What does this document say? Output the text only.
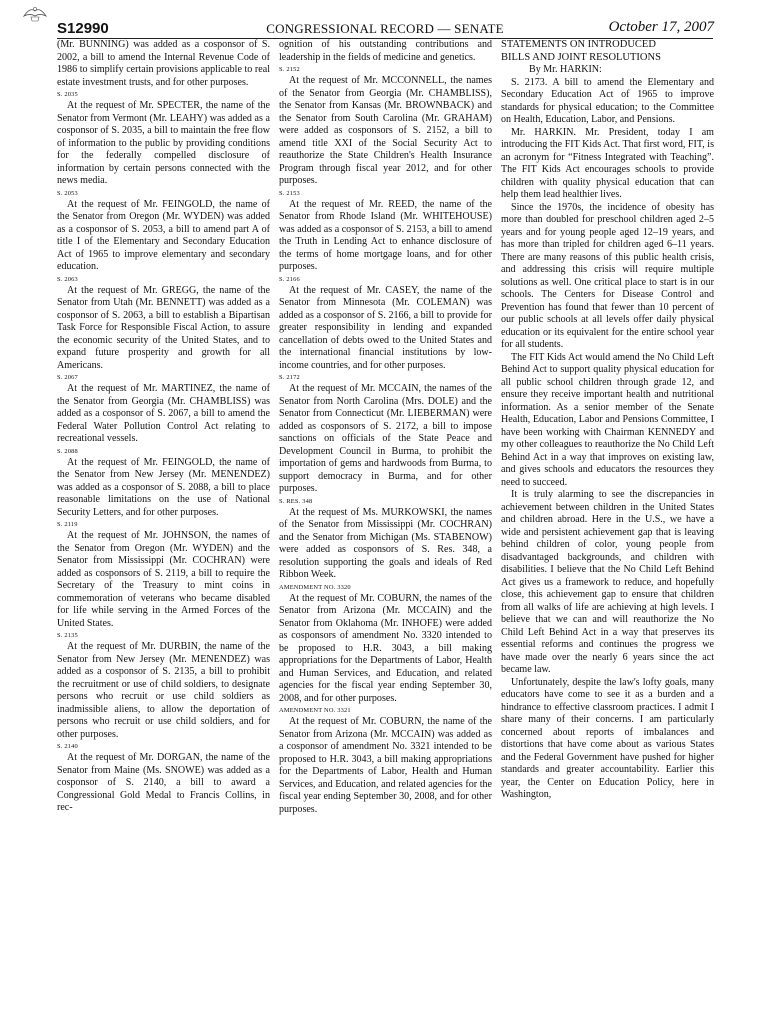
S12990	CONGRESSIONAL RECORD — SENATE	October 17, 2007

(Mr. BUNNING) was added as a cosponsor of S. 2002, a bill to amend the Internal Revenue Code of 1986 to simplify certain provisions applicable to real estate investment trusts, and for other purposes.

S. 2035

At the request of Mr. SPECTER, the name of the Senator from Vermont (Mr. LEAHY) was added as a cosponsor of S. 2035, a bill to maintain the free flow of information to the public by providing conditions for the federally compelled disclosure of information by certain persons connected with the news media.

S. 2053

At the request of Mr. FEINGOLD, the name of the Senator from Oregon (Mr. WYDEN) was added as a cosponsor of S. 2053, a bill to amend part A of title I of the Elementary and Secondary Education Act of 1965 to improve elementary and secondary education.

S. 2063

At the request of Mr. GREGG, the name of the Senator from Utah (Mr. BENNETT) was added as a cosponsor of S. 2063, a bill to establish a Bipartisan Task Force for Responsible Fiscal Action, to assure the economic security of the United States, and to expand future prosperity and growth for all Americans.

S. 2067

At the request of Mr. MARTINEZ, the name of the Senator from Georgia (Mr. CHAMBLISS) was added as a cosponsor of S. 2067, a bill to amend the Federal Water Pollution Control Act relating to recreational vessels.

S. 2088

At the request of Mr. FEINGOLD, the name of the Senator from New Jersey (Mr. MENENDEZ) was added as a cosponsor of S. 2088, a bill to place reasonable limitations on the use of National Security Letters, and for other purposes.

S. 2119

At the request of Mr. JOHNSON, the names of the Senator from Oregon (Mr. WYDEN) and the Senator from Mississippi (Mr. COCHRAN) were added as cosponsors of S. 2119, a bill to require the Secretary of the Treasury to mint coins in commemoration of veterans who became disabled for life while serving in the Armed Forces of the United States.

S. 2135

At the request of Mr. DURBIN, the name of the Senator from New Jersey (Mr. MENENDEZ) was added as a cosponsor of S. 2135, a bill to prohibit the recruitment or use of child soldiers, to designate persons who recruit or use child soldiers as inadmissible aliens, to allow the deportation of persons who recruit or use child soldiers, and for other purposes.

S. 2140

At the request of Mr. DORGAN, the name of the Senator from Maine (Ms. SNOWE) was added as a cosponsor of S. 2140, a bill to award a Congressional Gold Medal to Francis Collins, in rec-

ognition of his outstanding contributions and leadership in the fields of medicine and genetics.

S. 2152

At the request of Mr. MCCONNELL, the names of the Senator from Georgia (Mr. CHAMBLISS), the Senator from Kansas (Mr. BROWNBACK) and the Senator from South Carolina (Mr. GRAHAM) were added as cosponsors of S. 2152, a bill to amend title XXI of the Social Security Act to reauthorize the State Children's Health Insurance Program through fiscal year 2012, and for other purposes.

S. 2153

At the request of Mr. REED, the name of the Senator from Rhode Island (Mr. WHITEHOUSE) was added as a cosponsor of S. 2153, a bill to amend the Truth in Lending Act to enhance disclosure of the terms of home mortgage loans, and for other purposes.

S. 2166

At the request of Mr. CASEY, the name of the Senator from Minnesota (Mr. COLEMAN) was added as a cosponsor of S. 2166, a bill to provide for greater responsibility in lending and expanded cancellation of debts owed to the United States and the international financial institutions by low-income countries, and for other purposes.

S. 2172

At the request of Mr. MCCAIN, the names of the Senator from North Carolina (Mrs. DOLE) and the Senator from Connecticut (Mr. LIEBERMAN) were added as cosponsors of S. 2172, a bill to impose sanctions on officials of the State Peace and Development Council in Burma, to prohibit the importation of gems and hardwoods from Burma, to support democracy in Burma, and for other purposes.

S. RES. 348

At the request of Ms. MURKOWSKI, the names of the Senator from Mississippi (Mr. COCHRAN) and the Senator from Michigan (Ms. STABENOW) were added as cosponsors of S. Res. 348, a resolution supporting the goals and ideals of Red Ribbon Week.

AMENDMENT NO. 3320

At the request of Mr. COBURN, the names of the Senator from Arizona (Mr. MCCAIN) and the Senator from Oklahoma (Mr. INHOFE) were added as cosponsors of amendment No. 3320 intended to be proposed to H.R. 3043, a bill making appropriations for the Departments of Labor, Health and Human Services, and Education, and related agencies for the fiscal year ending September 30, 2008, and for other purposes.

AMENDMENT NO. 3321

At the request of Mr. COBURN, the name of the Senator from Arizona (Mr. MCCAIN) was added as a cosponsor of amendment No. 3321 intended to be proposed to H.R. 3043, a bill making appropriations for the Departments of Labor, Health and Human Services, and Education, and related agencies for the fiscal year ending September 30, 2008, and for other purposes.

STATEMENTS ON INTRODUCED

BILLS AND JOINT RESOLUTIONS

By Mr. HARKIN:

S. 2173. A bill to amend the Elementary and Secondary Education Act of 1965 to improve standards for physical education; to the Committee on Health, Education, Labor, and Pensions.

Mr. HARKIN. Mr. President, today I am introducing the FIT Kids Act. That first word, FIT, is an acronym for “Fitness Integrated with Teaching”. The FIT Kids Act encourages schools to provide children with quality physical education that can help them lead healthier lives.

Since the 1970s, the incidence of obesity has more than doubled for preschool children aged 2–5 years and for young people aged 12–19 years, and has more than tripled for children aged 6–11 years. There are many reasons of this public health crisis, and addressing this crisis will require multiple solutions as well. One critical place to start is in our schools. The Centers for Disease Control and Prevention has found that fewer than 10 percent of our public schools at all levels offer daily physical education or its equivalent for the entire school year for all students.

The FIT Kids Act would amend the No Child Left Behind Act to support quality physical education for all public school children through grade 12, and ensure they receive important health and nutritional information. As a senior member of the Senate Health, Education, Labor and Pensions Committee, I have been working with Chairman KENNEDY and my other colleagues to reauthorize the No Child Left Behind Act in a way that improves on existing law, and gives schools and educators the resources they need to succeed.

It is truly alarming to see the discrepancies in achievement between children in the United States and children abroad. Here in the U.S., we have a wide and persistent achievement gap that is leaving behind children of color, young people from disadvantaged backgrounds, and children with disabilities. I believe that the No Child Left Behind Act gives us a framework to reduce, and hopefully close, this achievement gap to ensure that children from all walks of life are achieving at high levels. I believe that we can and will reauthorize the No Child Left Behind Act in a way that preserves its essential reforms and continues the progress we have made over the nearly 6 years since the act became law.

Unfortunately, despite the law's lofty goals, many educators have come to see it as a burden and a hindrance to effective classroom practices. I admit I share many of their concerns. I am particularly concerned about reports of imbalances and distortions that have come about as various States and the Federal Government have pushed for higher standards and greater accountability. Earlier this year, the Center on Education Policy, here in Washington,
